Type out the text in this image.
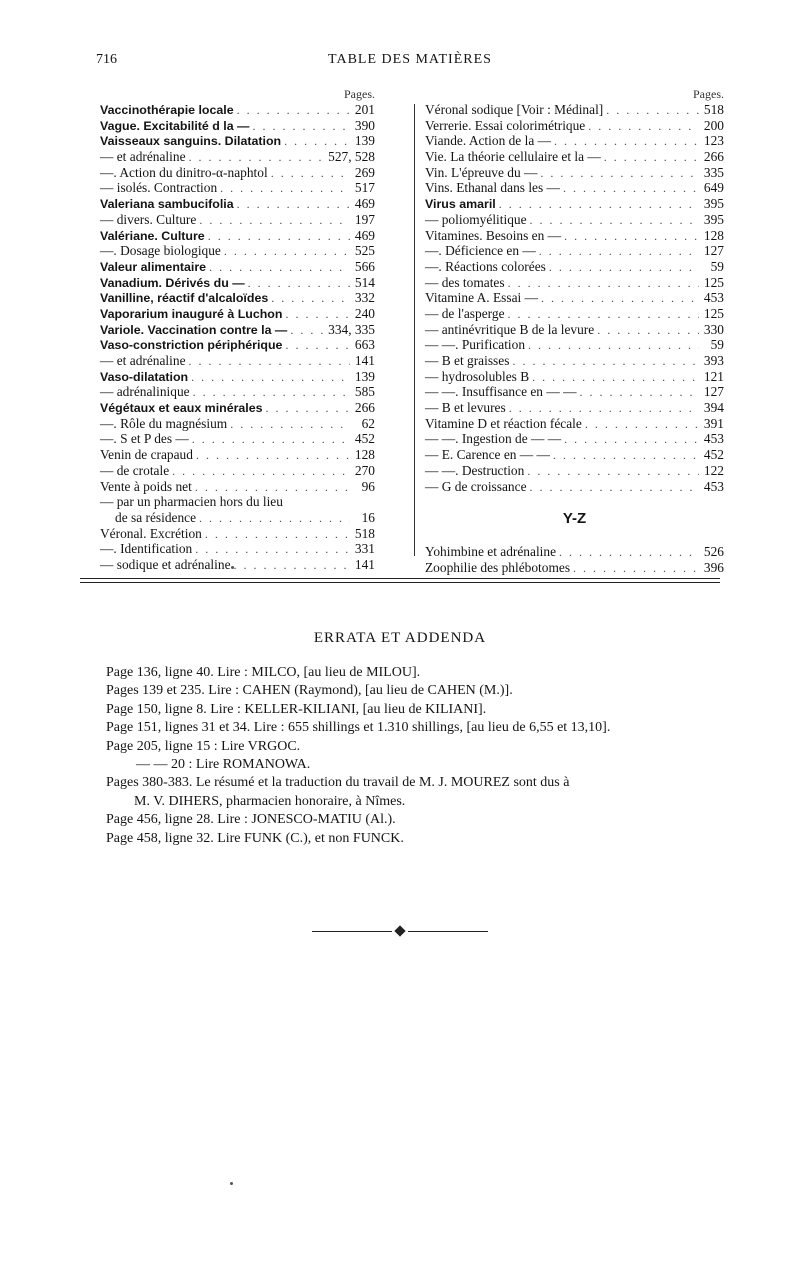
716	TABLE DES MATIÈRES
Pages.
Vaccinothérapie locale . . .	201
Vague. Excitabilité d la — . . .	390
Vaisseaux sanguins. Dilatation . . .	139
— et adrénaline . . .	527, 528
—. Action du dinitro-α-naphtol . . .	269
— isolés. Contraction . . .	517
Valeriana sambucifolia . . .	469
— divers. Culture . . .	197
Valériane. Culture . . .	469
—. Dosage biologique . . .	525
Valeur alimentaire . . .	566
Vanadium. Dérivés du — . . .	514
Vanilline, réactif d'alcaloïdes . . .	332
Vaporarium inauguré à Luchon . . .	240
Variole. Vaccination contre la — . . .	334, 335
Vaso-constriction périphérique . . .	663
— et adrénaline . . .	141
Vaso-dilatation . . .	139
— adrénalinique . . .	585
Végétaux et eaux minérales . . .	266
—. Rôle du magnésium . . .	62
—. S et P des — . . .	452
Venin de crapaud . . .	128
— de crotale . . .	270
Vente à poids net . . .	96
— par un pharmacien hors du lieu
de sa résidence . . .	16
Véronal. Excrétion . . .	518
—. Identification . . .	331
— sodique et adrénaline . . .	141
Pages.
Véronal sodique [Voir : Médinal] . . .	518
Verrerie. Essai colorimétrique . . .	200
Viande. Action de la — . . .	123
Vie. La théorie cellulaire et la — . . .	266
Vin. L'épreuve du — . . .	335
Vins. Ethanal dans les — . . .	649
Virus amaril . . .	395
— poliomyélitique . . .	395
Vitamines. Besoins en — . . .	128
—. Déficience en — . . .	127
—. Réactions colorées . . .	59
— des tomates . . .	125
Vitamine A. Essai — . . .	453
— de l'asperge . . .	125
— antinévritique B de la levure . . .	330
— —. Purification . . .	59
— B et graisses . . .	393
— hydrosolubles B . . .	121
— —. Insuffisance en — — . . .	127
— B et levures . . .	394
Vitamine D et réaction fécale . . .	391
— —. Ingestion de — — . . .	453
— E. Carence en — — . . .	452
— —. Destruction . . .	122
— G de croissance . . .	453
Y-Z
Yohimbine et adrénaline . . .	526
Zoophilie des phlébotomes . . .	396
ERRATA ET ADDENDA
Page 136, ligne 40. Lire : MILCO, [au lieu de MILOU].
Pages 139 et 235. Lire : CAHEN (Raymond), [au lieu de CAHEN (M.)].
Page 150, ligne 8. Lire : KELLER-KILIANI, [au lieu de KILIANI].
Page 151, lignes 31 et 34. Lire : 655 shillings et 1.310 shillings, [au lieu de 6,55 et 13,10].
Page 205, ligne 15 : Lire VRGOC.
— — 20 : Lire ROMANOWA.
Pages 380-383. Le résumé et la traduction du travail de M. J. MOUREZ sont dus à
M. V. DIHERS, pharmacien honoraire, à Nîmes.
Page 456, ligne 28. Lire : JONESCO-MATIU (Al.).
Page 458, ligne 32. Lire FUNK (C.), et non FUNCK.
